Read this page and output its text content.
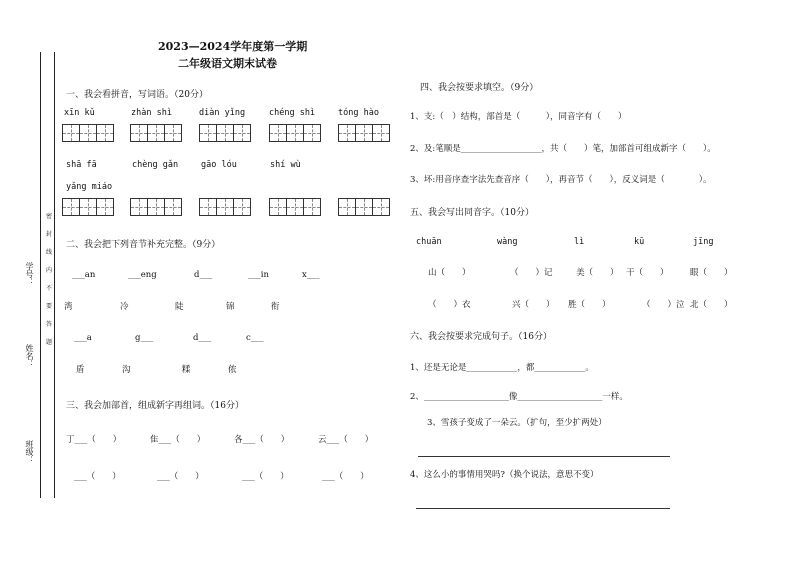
班级：
姓名：
学号：
密
封
线
内
不
要
答
题
2023—2024学年度第一学期
二年级语文期末试卷
一、我会看拼音，写词语。（20分）
xīn kǔ	zhàn shì	diàn yǐng	chéng shì	tóng hào
shā fā	chèng gǎn	gāo lóu	shí wù
yǎng miáo
二、我会把下列音节补充完整。（9分）
___an	___eng	d___	___in	x___
湾	冷	陡	锦	衔
___a	g___	d___	c___
盾	沟	糅	侬
三、我会加部首，组成新字再组词。（16分）
丁___（　　）	隹___（　　）	各___（　　）	云___（　　）
___（　　）	___（　　）	___（　　）	___（　　）
四、我会按要求填空。（9分）
1、支:（　）结构，部首是（　　　），同音字有（　　）
2、及:笔顺是___________________，共（　　）笔，加部首可组成新字（　　）。
3、坏:用音序查字法先查音序（　　），再音节（　　），反义词是（　　　　）。
五、我会写出同音字。（10分）
chuān	wàng	lì	kū	jīng
山（　　）	（　　）记	美（　　） 干（　　）	眼（　　）
（　　）衣	兴（　　） 胜（　　）	（　　）泣 北（　　）
六、我会按要求完成句子。（16分）
1、还是无论是____________，都____________。
2、____________________像____________________一样。
3、雪孩子变成了一朵云。（扩句，至少扩两处）
4、这么小的事情用哭吗?（换个说法，意思不变）
